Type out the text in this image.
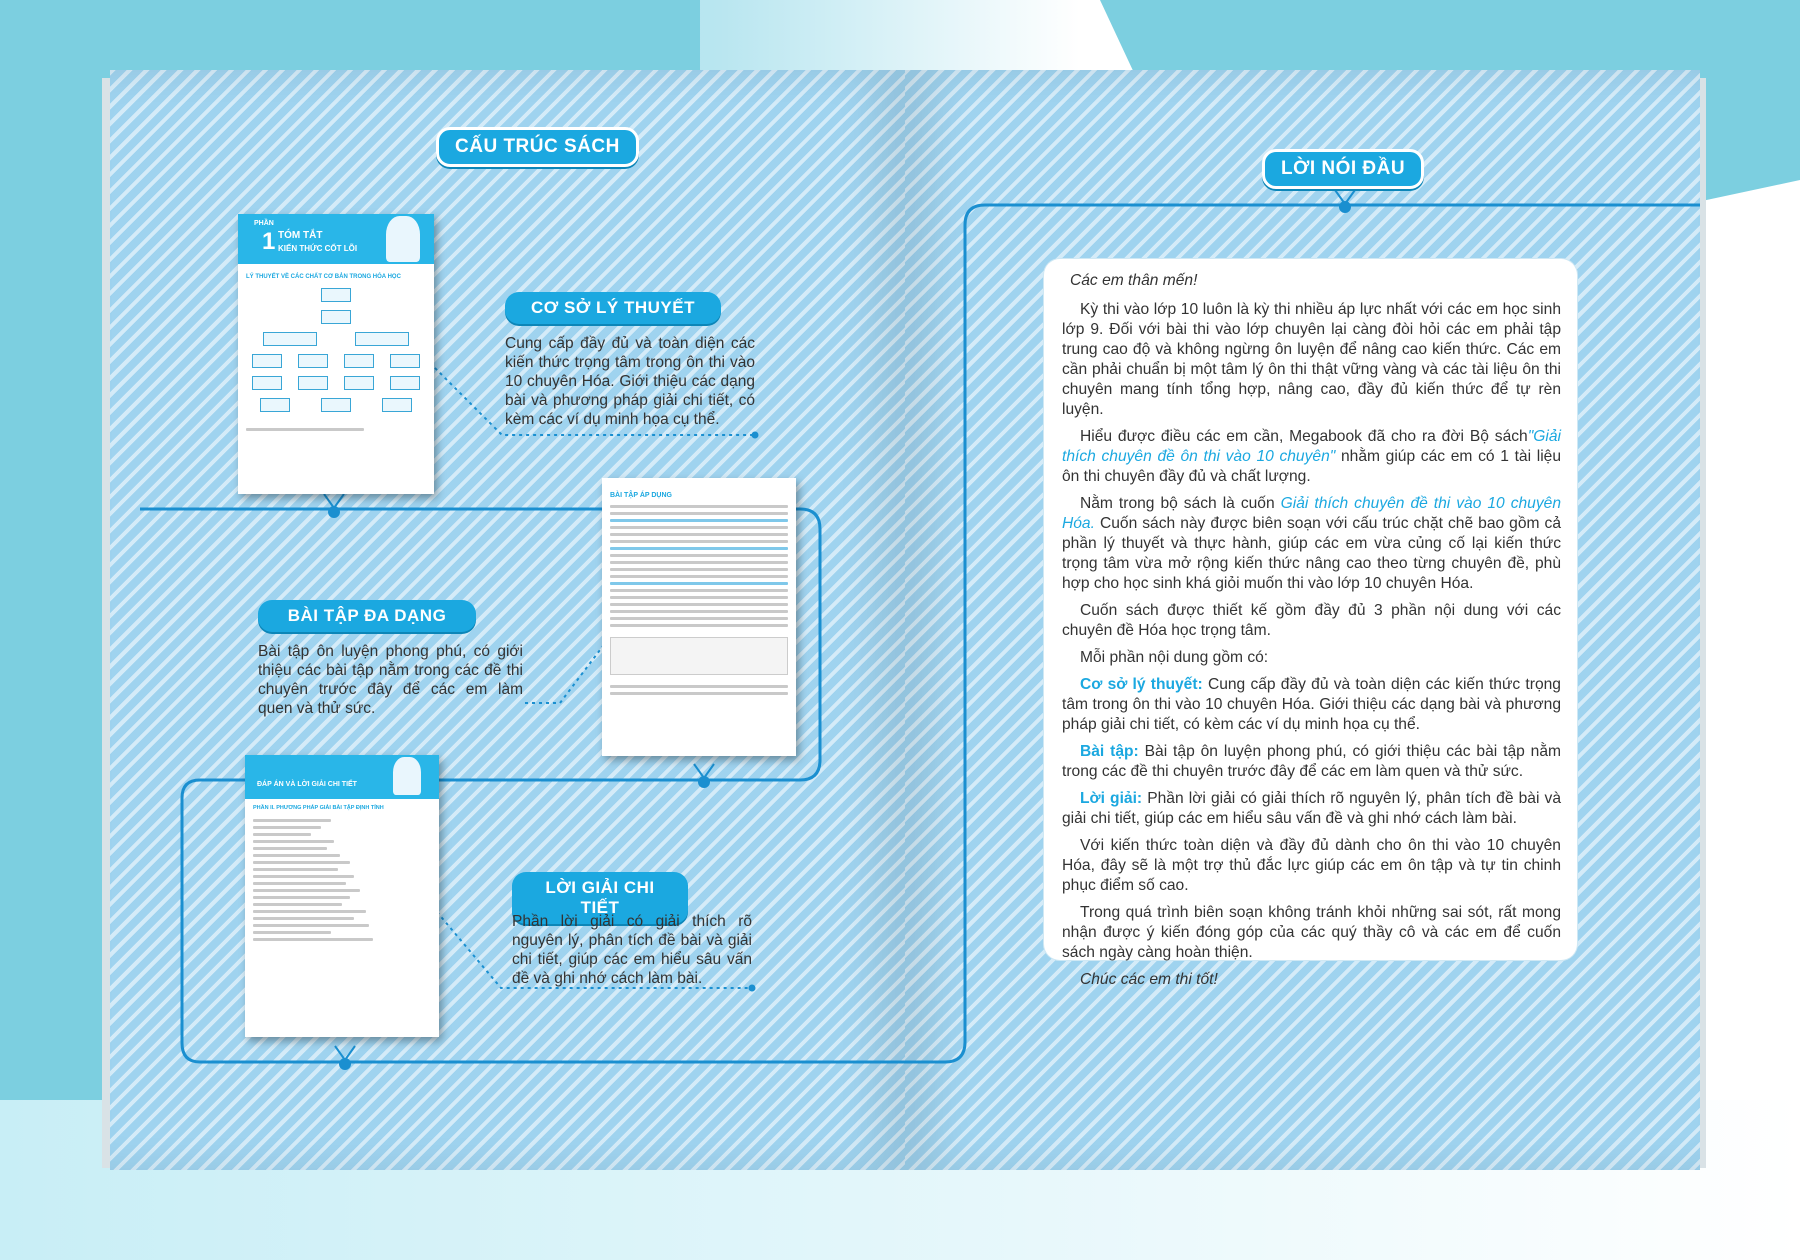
CẤU TRÚC SÁCH
CƠ SỞ LÝ THUYẾT
Cung cấp đầy đủ và toàn diện các kiến thức trọng tâm trong ôn thi vào 10 chuyên Hóa. Giới thiệu các dạng bài và phương pháp giải chi tiết, có kèm các ví dụ minh họa cụ thể.
BÀI TẬP ĐA DẠNG
Bài tập ôn luyện phong phú, có giới thiệu các bài tập nằm trong các đề thi chuyên trước đây để các em làm quen và thử sức.
LỜI GIẢI CHI TIẾT
Phần lời giải có giải thích rõ nguyên lý, phân tích đề bài và giải chi tiết, giúp các em hiểu sâu vấn đề và ghi nhớ cách làm bài.
PHẦN
1 TÓM TẮT
KIẾN THỨC CỐT LÕI
LÝ THUYẾT VỀ CÁC CHẤT CƠ BẢN TRONG HÓA HỌC
BÀI TẬP ÁP DỤNG
ĐÁP ÁN VÀ LỜI GIẢI CHI TIẾT
PHẦN II. PHƯƠNG PHÁP GIẢI BÀI TẬP ĐỊNH TÍNH
LỜI NÓI ĐẦU

Các em thân mến!

Kỳ thi vào lớp 10 luôn là kỳ thi nhiều áp lực nhất với các em học sinh lớp 9. Đối với bài thi vào lớp chuyên lại càng đòi hỏi các em phải tập trung cao độ và không ngừng ôn luyện để nâng cao kiến thức. Các em cần phải chuẩn bị một tâm lý ôn thi thật vững vàng và các tài liệu ôn thi chuyên mang tính tổng hợp, nâng cao, đầy đủ kiến thức để tự rèn luyện.

Hiểu được điều các em cần, Megabook đã cho ra đời Bộ sách"Giải thích chuyên đề ôn thi vào 10 chuyên" nhằm giúp các em có 1 tài liệu ôn thi chuyên đầy đủ và chất lượng.

Nằm trong bộ sách là cuốn Giải thích chuyên đề thi vào 10 chuyên Hóa. Cuốn sách này được biên soạn với cấu trúc chặt chẽ bao gồm cả phần lý thuyết và thực hành, giúp các em vừa củng cố lại kiến thức trọng tâm vừa mở rộng kiến thức nâng cao theo từng chuyên đề, phù hợp cho học sinh khá giỏi muốn thi vào lớp 10 chuyên Hóa.

Cuốn sách được thiết kế gồm đầy đủ 3 phần nội dung với các chuyên đề Hóa học trọng tâm.

Mỗi phần nội dung gồm có:

Cơ sở lý thuyết: Cung cấp đầy đủ và toàn diện các kiến thức trọng tâm trong ôn thi vào 10 chuyên Hóa. Giới thiệu các dạng bài và phương pháp giải chi tiết, có kèm các ví dụ minh họa cụ thể.

Bài tập: Bài tập ôn luyện phong phú, có giới thiệu các bài tập nằm trong các đề thi chuyên trước đây để các em làm quen và thử sức.

Lời giải: Phần lời giải có giải thích rõ nguyên lý, phân tích đề bài và giải chi tiết, giúp các em hiểu sâu vấn đề và ghi nhớ cách làm bài.

Với kiến thức toàn diện và đầy đủ dành cho ôn thi vào 10 chuyên Hóa, đây sẽ là một trợ thủ đắc lực giúp các em ôn tập và tự tin chinh phục điểm số cao.

Trong quá trình biên soạn không tránh khỏi những sai sót, rất mong nhận được ý kiến đóng góp của các quý thầy cô và các em để cuốn sách ngày càng hoàn thiện.

Chúc các em thi tốt!
